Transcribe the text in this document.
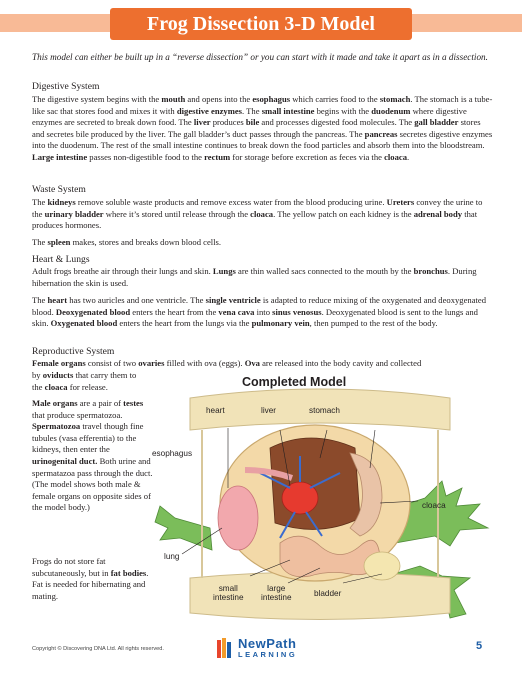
Frog Dissection 3-D Model
This model can either be built up in a “reverse dissection” or you can start with it made and take it apart as in a dissection.
Digestive System
The digestive system begins with the mouth and opens into the esophagus which carries food to the stomach. The stomach is a tube-like sac that stores food and mixes it with digestive enzymes. The small intestine begins with the duodenum where digestive enzymes are secreted to break down food. The liver produces bile and processes digested food molecules. The gall bladder stores and secretes bile produced by the liver. The gall bladder’s duct passes through the pancreas. The pancreas secretes digestive enzymes into the duodenum. The rest of the small intestine continues to break down the food particles and absorb them into the bloodstream. Large intestine passes non-digestible food to the rectum for storage before excretion as feces via the cloaca.
Waste System
The kidneys remove soluble waste products and remove excess water from the blood producing urine. Ureters convey the urine to the urinary bladder where it’s stored until release through the cloaca. The yellow patch on each kidney is the adrenal body that produces hormones.
The spleen makes, stores and breaks down blood cells.
Heart & Lungs
Adult frogs breathe air through their lungs and skin. Lungs are thin walled sacs connected to the mouth by the bronchus. During hibernation the skin is used.
The heart has two auricles and one ventricle. The single ventricle is adapted to reduce mixing of the oxygenated and deoxygenated blood. Deoxygenated blood enters the heart from the vena cava into sinus venosus. Deoxygenated blood is sent to the lungs and skin. Oxygenated blood enters the heart from the lungs via the pulmonary vein, then pumped to the rest of the body.
Reproductive System
Female organs consist of two ovaries filled with ova (eggs). Ova are released into the body cavity and collected
by oviducts that carry them to
the cloaca for release.
Male organs are a pair of testes that produce spermatozoa. Spermatozoa travel though fine tubules (vasa efferentia) to the kidneys, then enter the urinogenital duct. Both urine and spermatazoa pass through the duct. (The model shows both male & female organs on opposite sides of the model body.)
Frogs do not store fat subcutaneously, but in fat bodies. Fat is needed for hibernating and mating.
Completed Model
heart	liver	stomach
esophagus
cloaca
lung
small
intestine
large
intestine	bladder
Copyright © Discovering DNA Ltd. All rights reserved.	NewPath
LEARNING
5
